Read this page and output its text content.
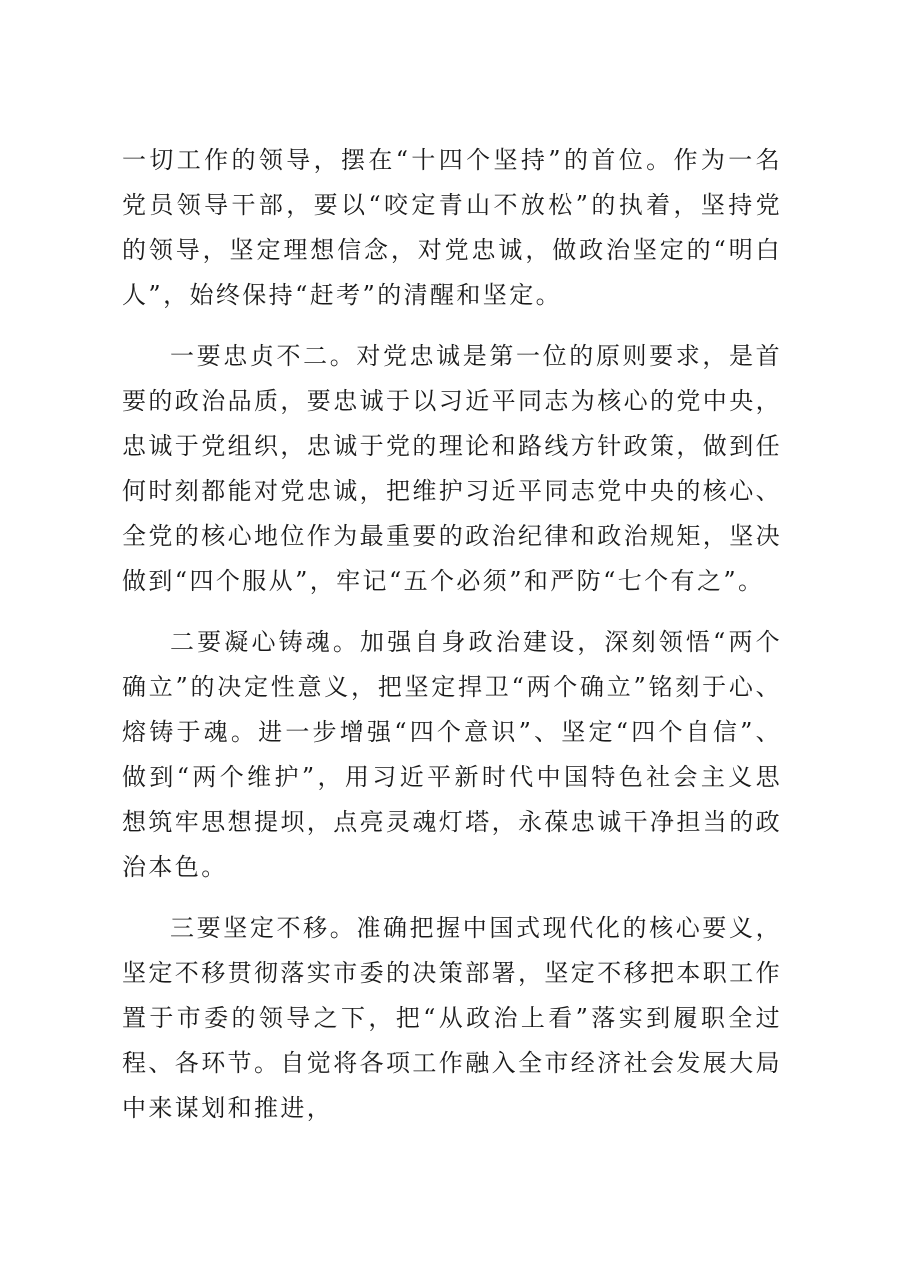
一切工作的领导，摆在“十四个坚持”的首位。作为一名党员领导干部，要以“咬定青山不放松”的执着，坚持党的领导，坚定理想信念，对党忠诚，做政治坚定的“明白人”，始终保持“赶考”的清醒和坚定。

一要忠贞不二。对党忠诚是第一位的原则要求，是首要的政治品质，要忠诚于以习近平同志为核心的党中央，忠诚于党组织，忠诚于党的理论和路线方针政策，做到任何时刻都能对党忠诚，把维护习近平同志党中央的核心、全党的核心地位作为最重要的政治纪律和政治规矩，坚决做到“四个服从”，牢记“五个必须”和严防“七个有之”。

二要凝心铸魂。加强自身政治建设，深刻领悟“两个确立”的决定性意义，把坚定捍卫“两个确立”铭刻于心、熔铸于魂。进一步增强“四个意识”、坚定“四个自信”、做到“两个维护”，用习近平新时代中国特色社会主义思想筑牢思想提坝，点亮灵魂灯塔，永葆忠诚干净担当的政治本色。

三要坚定不移。准确把握中国式现代化的核心要义，坚定不移贯彻落实市委的决策部署，坚定不移把本职工作置于市委的领导之下，把“从政治上看”落实到履职全过程、各环节。自觉将各项工作融入全市经济社会发展大局中来谋划和推进，
